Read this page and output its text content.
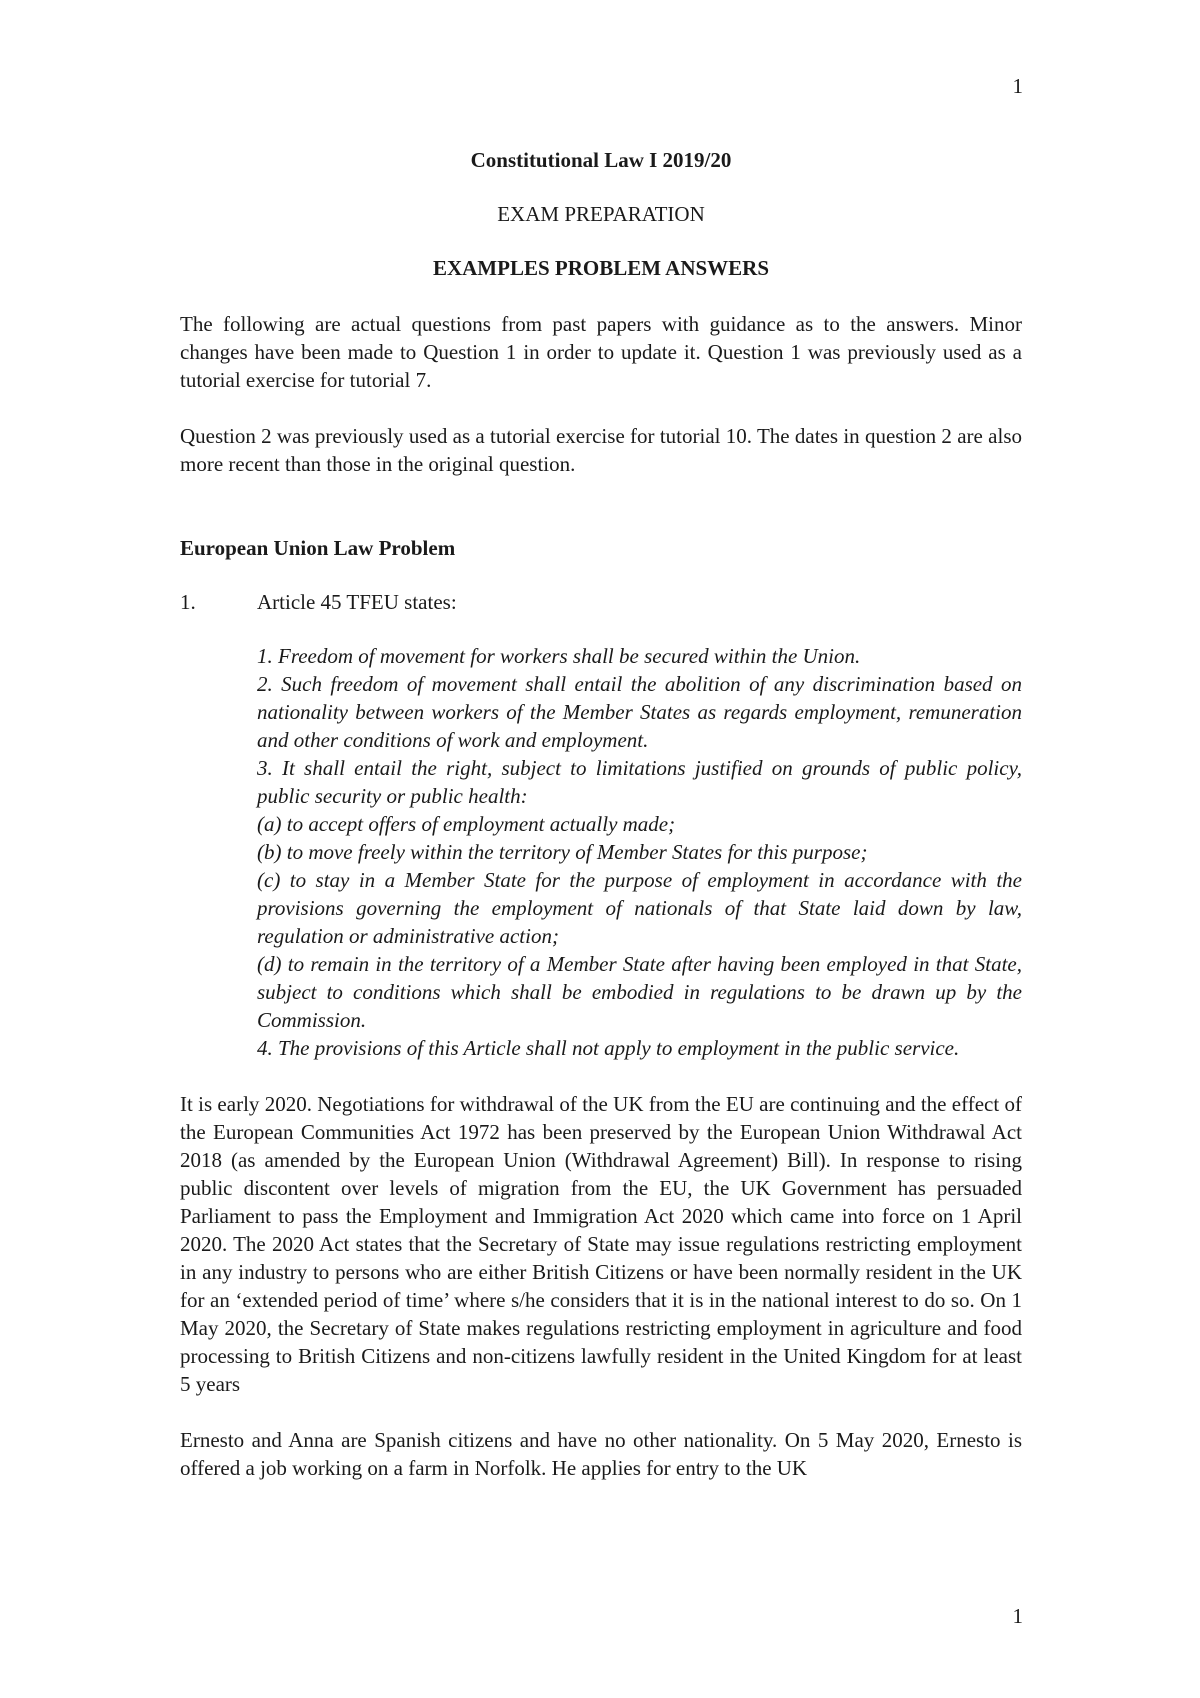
1
Constitutional Law I 2019/20
EXAM PREPARATION
EXAMPLES PROBLEM ANSWERS

The following are actual questions from past papers with guidance as to the answers. Minor changes have been made to Question 1 in order to update it. Question 1 was previously used as a tutorial exercise for tutorial 7.

Question 2 was previously used as a tutorial exercise for tutorial 10. The dates in question 2 are also more recent than those in the original question.

European Union Law Problem
1.	Article 45 TFEU states:
1. Freedom of movement for workers shall be secured within the Union.
2. Such freedom of movement shall entail the abolition of any discrimination based on nationality between workers of the Member States as regards employment, remuneration and other conditions of work and employment.
3. It shall entail the right, subject to limitations justified on grounds of public policy, public security or public health:
(a) to accept offers of employment actually made;
(b) to move freely within the territory of Member States for this purpose;
(c) to stay in a Member State for the purpose of employment in accordance with the provisions governing the employment of nationals of that State laid down by law, regulation or administrative action;
(d) to remain in the territory of a Member State after having been employed in that State, subject to conditions which shall be embodied in regulations to be drawn up by the Commission.
4. The provisions of this Article shall not apply to employment in the public service.

It is early 2020. Negotiations for withdrawal of the UK from the EU are continuing and the effect of the European Communities Act 1972 has been preserved by the European Union Withdrawal Act 2018 (as amended by the European Union (Withdrawal Agreement) Bill). In response to rising public discontent over levels of migration from the EU, the UK Government has persuaded Parliament to pass the Employment and Immigration Act 2020 which came into force on 1 April 2020. The 2020 Act states that the Secretary of State may issue regulations restricting employment in any industry to persons who are either British Citizens or have been normally resident in the UK for an ‘extended period of time’ where s/he considers that it is in the national interest to do so. On 1 May 2020, the Secretary of State makes regulations restricting employment in agriculture and food processing to British Citizens and non-citizens lawfully resident in the United Kingdom for at least 5 years

Ernesto and Anna are Spanish citizens and have no other nationality. On 5 May 2020, Ernesto is offered a job working on a farm in Norfolk. He applies for entry to the UK

1
